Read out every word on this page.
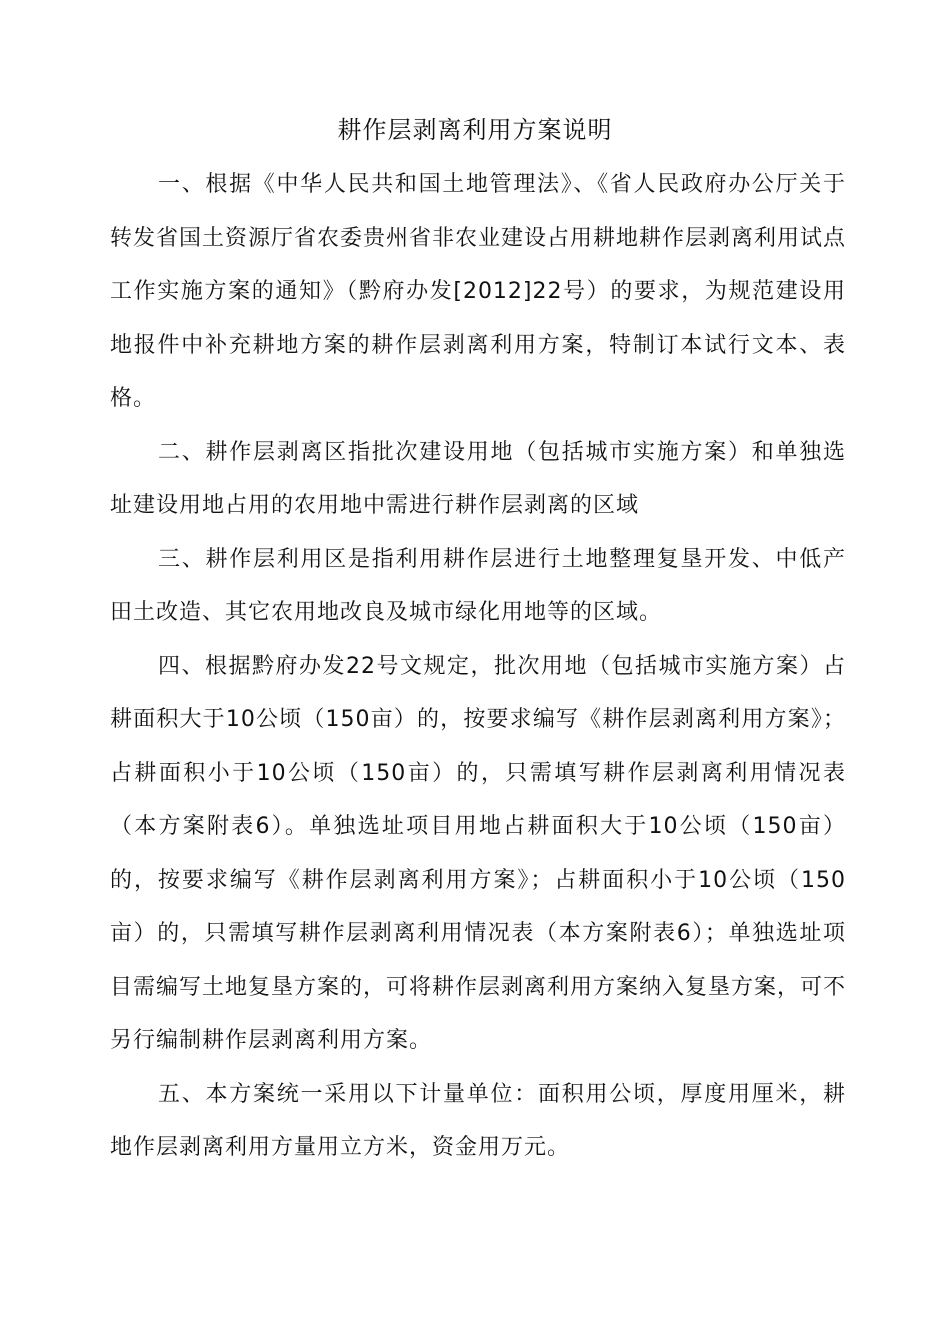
耕作层剥离利用方案说明

一、根据《中华人民共和国土地管理法》、《省人民政府办公厅关于转发省国土资源厅省农委贵州省非农业建设占用耕地耕作层剥离利用试点工作实施方案的通知》（黔府办发[2012]22号）的要求，为规范建设用地报件中补充耕地方案的耕作层剥离利用方案，特制订本试行文本、表格。

二、耕作层剥离区指批次建设用地（包括城市实施方案）和单独选址建设用地占用的农用地中需进行耕作层剥离的区域

三、耕作层利用区是指利用耕作层进行土地整理复垦开发、中低产田土改造、其它农用地改良及城市绿化用地等的区域。

四、根据黔府办发22号文规定，批次用地（包括城市实施方案）占耕面积大于10公顷（150亩）的，按要求编写《耕作层剥离利用方案》；占耕面积小于10公顷（150亩）的，只需填写耕作层剥离利用情况表（本方案附表6）。单独选址项目用地占耕面积大于10公顷（150亩）的，按要求编写《耕作层剥离利用方案》；占耕面积小于10公顷（150亩）的，只需填写耕作层剥离利用情况表（本方案附表6）；单独选址项目需编写土地复垦方案的，可将耕作层剥离利用方案纳入复垦方案，可不另行编制耕作层剥离利用方案。

五、本方案统一采用以下计量单位：面积用公顷，厚度用厘米，耕地作层剥离利用方量用立方米，资金用万元。
